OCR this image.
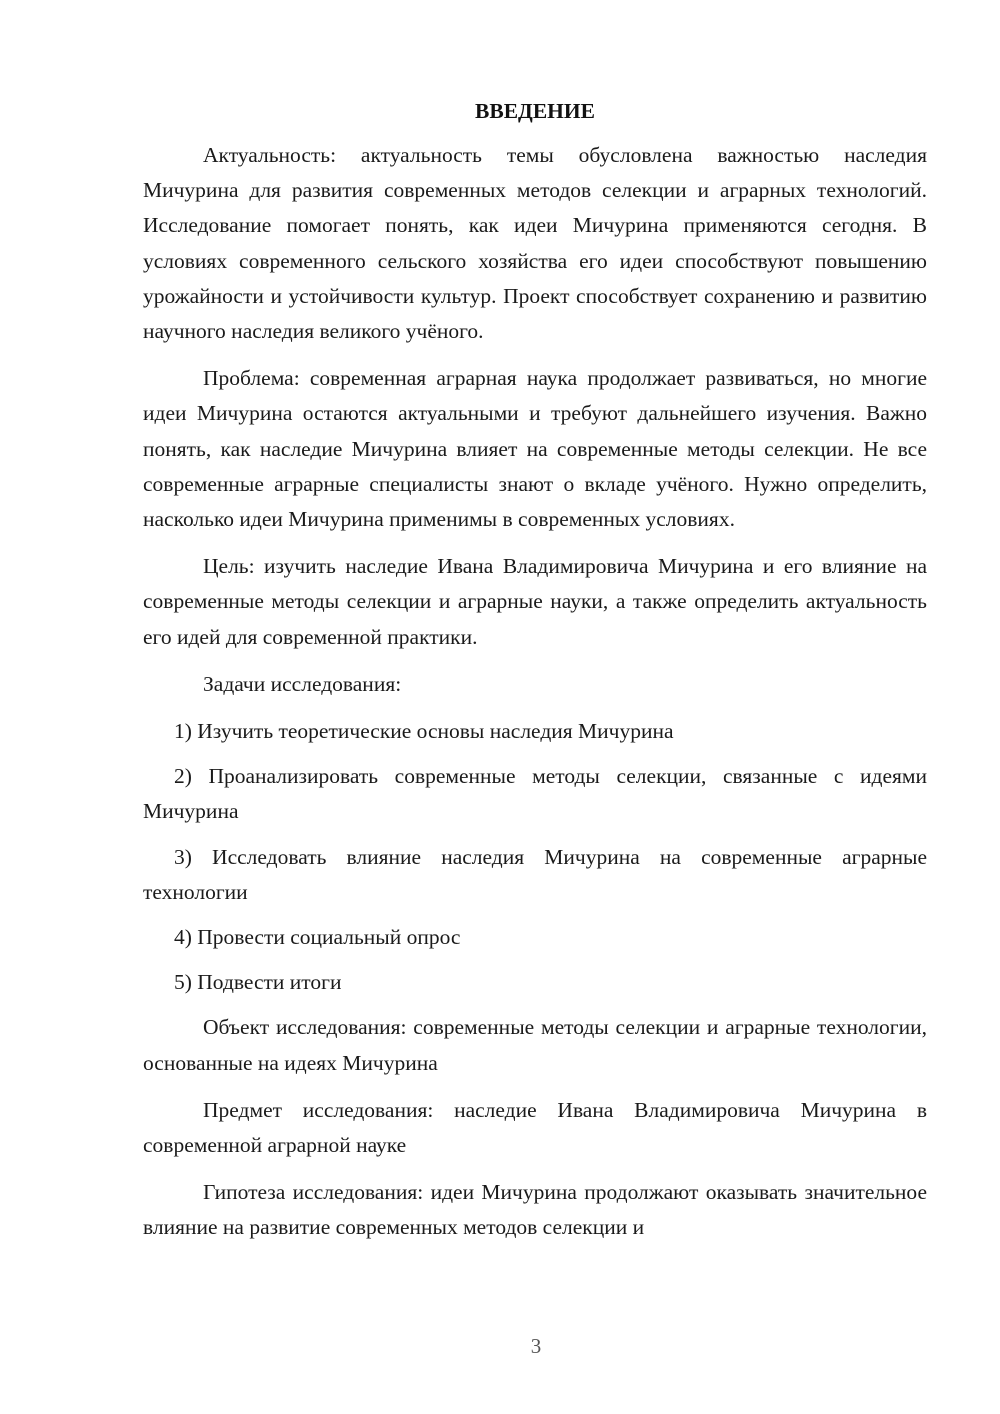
ВВЕДЕНИЕ

Актуальность: актуальность темы обусловлена важностью наследия Мичурина для развития современных методов селекции и аграрных технологий. Исследование помогает понять, как идеи Мичурина применяются сегодня. В условиях современного сельского хозяйства его идеи способствуют повышению урожайности и устойчивости культур. Проект способствует сохранению и развитию научного наследия великого учёного.

Проблема: современная аграрная наука продолжает развиваться, но многие идеи Мичурина остаются актуальными и требуют дальнейшего изучения. Важно понять, как наследие Мичурина влияет на современные методы селекции. Не все современные аграрные специалисты знают о вкладе учёного. Нужно определить, насколько идеи Мичурина применимы в современных условиях.

Цель: изучить наследие Ивана Владимировича Мичурина и его влияние на современные методы селекции и аграрные науки, а также определить актуальность его идей для современной практики.

Задачи исследования:

1) Изучить теоретические основы наследия Мичурина

2) Проанализировать современные методы селекции, связанные с идеями Мичурина

3) Исследовать влияние наследия Мичурина на современные аграрные технологии

4) Провести социальный опрос

5) Подвести итоги

Объект исследования: современные методы селекции и аграрные технологии, основанные на идеях Мичурина

Предмет исследования: наследие Ивана Владимировича Мичурина в современной аграрной науке

Гипотеза исследования: идеи Мичурина продолжают оказывать значительное влияние на развитие современных методов селекции и

3
